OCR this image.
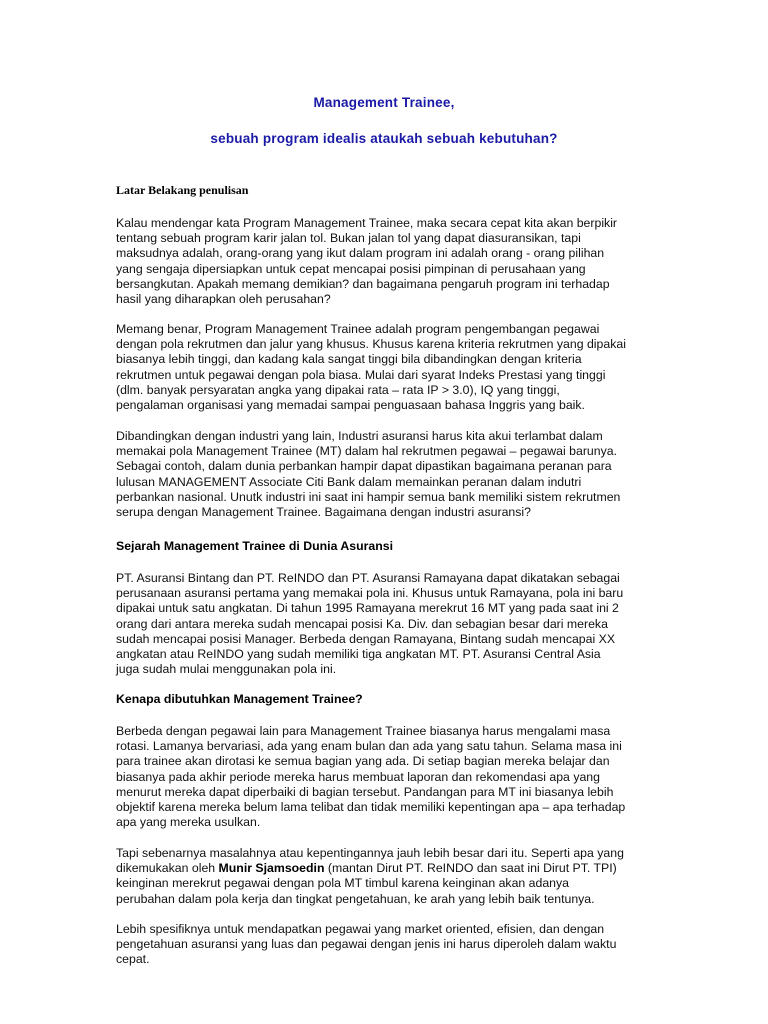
Management Trainee,
sebuah program idealis ataukah sebuah kebutuhan?
Latar Belakang penulisan
Kalau mendengar kata Program Management Trainee, maka secara cepat kita akan berpikir
tentang sebuah program karir jalan tol. Bukan jalan tol yang dapat diasuransikan, tapi
maksudnya adalah, orang-orang yang ikut dalam program ini adalah orang - orang pilihan
yang sengaja dipersiapkan untuk cepat mencapai posisi pimpinan di perusahaan yang
bersangkutan. Apakah memang demikian? dan bagaimana pengaruh program ini terhadap
hasil yang diharapkan oleh perusahan?
Memang benar, Program Management Trainee adalah program pengembangan pegawai
dengan pola rekrutmen dan jalur yang khusus. Khusus karena kriteria rekrutmen yang dipakai
biasanya lebih tinggi, dan kadang kala sangat tinggi bila dibandingkan dengan kriteria
rekrutmen untuk pegawai dengan pola biasa. Mulai dari syarat Indeks Prestasi yang tinggi
(dlm. banyak persyaratan angka yang dipakai rata – rata IP > 3.0), IQ yang tinggi,
pengalaman organisasi yang memadai sampai penguasaan bahasa Inggris yang baik.
Dibandingkan dengan industri yang lain, Industri asuransi harus kita akui terlambat dalam
memakai pola Management Trainee (MT) dalam hal rekrutmen pegawai – pegawai barunya.
Sebagai contoh, dalam dunia perbankan hampir dapat dipastikan bagaimana peranan para
lulusan MANAGEMENT Associate Citi Bank dalam memainkan peranan dalam indutri
perbankan nasional. Unutk industri ini saat ini hampir semua bank memiliki sistem rekrutmen
serupa dengan Management Trainee. Bagaimana dengan industri asuransi?
Sejarah Management Trainee di Dunia Asuransi
PT. Asuransi Bintang dan PT. ReINDO dan PT. Asuransi Ramayana dapat dikatakan sebagai
perusanaan asuransi pertama yang memakai pola ini. Khusus untuk Ramayana, pola ini baru
dipakai untuk satu angkatan. Di tahun 1995 Ramayana merekrut 16 MT yang pada saat ini 2
orang dari antara mereka sudah mencapai posisi Ka. Div. dan sebagian besar dari mereka
sudah mencapai posisi Manager. Berbeda dengan Ramayana, Bintang sudah mencapai XX
angkatan atau ReINDO yang sudah memiliki tiga angkatan MT. PT. Asuransi Central Asia
juga sudah mulai menggunakan pola ini.
Kenapa dibutuhkan Management Trainee?
Berbeda dengan pegawai lain para Management Trainee biasanya harus mengalami masa
rotasi. Lamanya bervariasi, ada yang enam bulan dan ada yang satu tahun. Selama masa ini
para trainee akan dirotasi ke semua bagian yang ada. Di setiap bagian mereka belajar dan
biasanya pada akhir periode mereka harus membuat laporan dan rekomendasi apa yang
menurut mereka dapat diperbaiki di bagian tersebut. Pandangan para MT ini biasanya lebih
objektif karena mereka belum lama telibat dan tidak memiliki kepentingan apa – apa terhadap
apa yang mereka usulkan.
Tapi sebenarnya masalahnya atau kepentingannya jauh lebih besar dari itu. Seperti apa yang
dikemukakan oleh Munir Sjamsoedin (mantan Dirut PT. ReINDO dan saat ini Dirut PT. TPI)
keinginan merekrut pegawai dengan pola MT timbul karena keinginan akan adanya
perubahan dalam pola kerja dan tingkat pengetahuan, ke arah yang lebih baik tentunya.
Lebih spesifiknya untuk mendapatkan pegawai yang market oriented, efisien, dan dengan
pengetahuan asuransi yang luas dan pegawai dengan jenis ini harus diperoleh dalam waktu
cepat.
